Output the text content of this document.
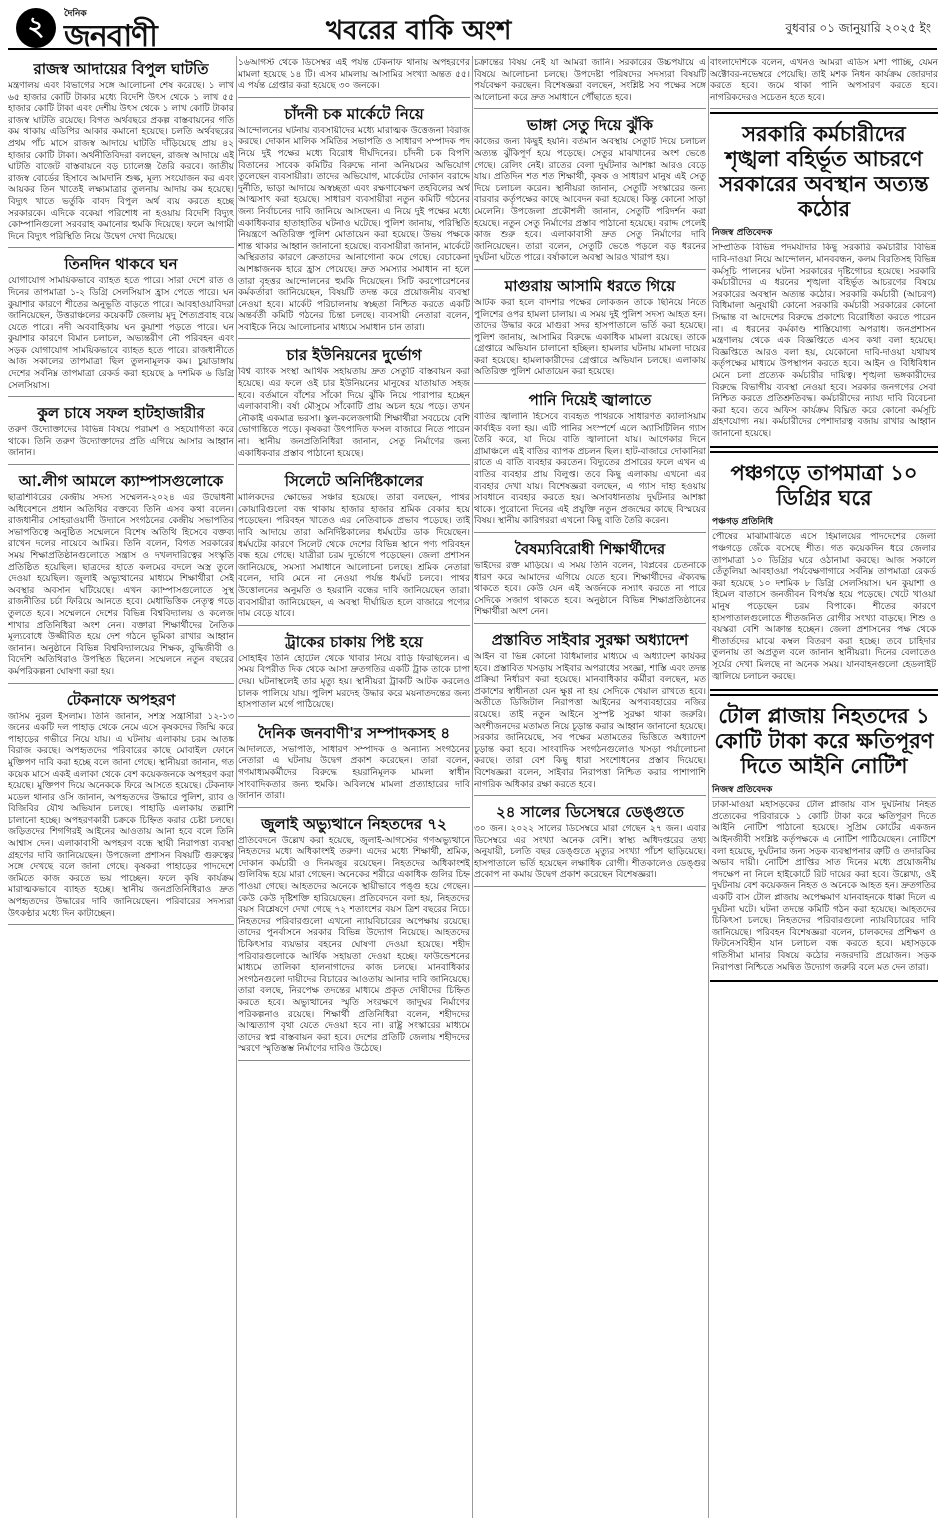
২	দৈনিক
জনবাণী	খবরের বাকি অংশ	বুধবার ০১ জানুয়ারি ২০২৫ ইং
রাজস্ব আদায়ের বিপুল ঘাটতি
মন্ত্রণালয় এবং বিভাগের সঙ্গে আলোচনা শেষ করেছে। ১ লাখ ৬৫ হাজার কোটি টাকার মধ্যে বিদেশি উৎস থেকে ১ লাখ ৫৫ হাজার কোটি টাকা এবং দেশীয় উৎস থেকে ১ লাখ কোটি টাকার রাজস্ব ঘাটতি রয়েছে। বিগত অর্থবছরে প্রকল্প বাস্তবায়নের গতি কম থাকায় এডিপির আকার কমানো হয়েছে। চলতি অর্থবছরের প্রথম পাঁচ মাসে রাজস্ব আদায়ে ঘাটতি দাঁড়িয়েছে প্রায় ৪২ হাজার কোটি টাকা। অর্থনীতিবিদরা বলছেন, রাজস্ব আদায়ে এই ঘাটতি বাজেট বাস্তবায়নে বড় চ্যালেঞ্জ তৈরি করবে। জাতীয় রাজস্ব বোর্ডের হিসাবে আমদানি শুল্ক, মূল্য সংযোজন কর এবং আয়কর তিন খাতেই লক্ষ্যমাত্রার তুলনায় আদায় কম হয়েছে। বিদ্যুৎ খাতে ভর্তুকি বাবদ বিপুল অর্থ ব্যয় করতে হচ্ছে সরকারকে। এদিকে বকেয়া পরিশোধ না হওয়ায় বিদেশি বিদ্যুৎ কোম্পানিগুলো সরবরাহ কমানোর হুমকি দিয়েছে। ফলে আগামী দিনে বিদ্যুৎ পরিস্থিতি নিয়ে উদ্বেগ দেখা দিয়েছে।
তিনদিন থাকবে ঘন
যোগাযোগ সাময়িকভাবে ব্যাহত হতে পারে। সারা দেশে রাত ও দিনের তাপমাত্রা ১-২ ডিগ্রি সেলসিয়াস হ্রাস পেতে পারে। ঘন কুয়াশার কারণে শীতের অনুভূতি বাড়তে পারে। আবহাওয়াবিদরা জানিয়েছেন, উত্তরাঞ্চলের কয়েকটি জেলায় মৃদু শৈত্যপ্রবাহ বয়ে যেতে পারে। নদী অববাহিকায় ঘন কুয়াশা পড়তে পারে। ঘন কুয়াশার কারণে বিমান চলাচল, অভ্যন্তরীণ নৌ পরিবহন এবং সড়ক যোগাযোগ সাময়িকভাবে ব্যাহত হতে পারে। রাজধানীতে আজ সকালের তাপমাত্রা ছিল তুলনামূলক কম। চুয়াডাঙ্গায় দেশের সর্বনিম্ন তাপমাত্রা রেকর্ড করা হয়েছে ৯ দশমিক ৬ ডিগ্রি সেলসিয়াস।
কুল চাষে সফল হাটহাজারীর
তরুণ উদ্যোক্তাদের বিভিন্ন বিষয়ে পরামর্শ ও সহযোগিতা করে থাকে। তিনি তরুণ উদ্যোক্তাদের প্রতি এগিয়ে আসার আহ্বান জানান।
আ.লীগ আমলে ক্যাম্পাসগুলোকে
ছাত্রশিবিরের কেন্দ্রীয় সদস্য সম্মেলন-২০২৪ এর উদ্বোধনী অধিবেশনে প্রধান অতিথির বক্তব্যে তিনি এসব কথা বলেন। রাজধানীর সোহরাওয়ার্দী উদ্যানে সংগঠনের কেন্দ্রীয় সভাপতির সভাপতিত্বে অনুষ্ঠিত সম্মেলনে বিশেষ অতিথি হিসেবে বক্তব্য রাখেন দলের নায়েবে আমির। তিনি বলেন, বিগত সরকারের সময় শিক্ষাপ্রতিষ্ঠানগুলোতে সন্ত্রাস ও দখলদারিত্বের সংস্কৃতি প্রতিষ্ঠিত হয়েছিল। ছাত্রদের হাতে কলমের বদলে অস্ত্র তুলে দেওয়া হয়েছিল। জুলাই অভ্যুত্থানের মাধ্যমে শিক্ষার্থীরা সেই অবস্থার অবসান ঘটিয়েছে। এখন ক্যাম্পাসগুলোতে সুস্থ রাজনীতির চর্চা ফিরিয়ে আনতে হবে। মেধাভিত্তিক নেতৃত্ব গড়ে তুলতে হবে। সম্মেলনে দেশের বিভিন্ন বিশ্ববিদ্যালয় ও কলেজ শাখার প্রতিনিধিরা অংশ নেন। বক্তারা শিক্ষার্থীদের নৈতিক মূল্যবোধে উজ্জীবিত হয়ে দেশ গঠনে ভূমিকা রাখার আহ্বান জানান। অনুষ্ঠানে বিভিন্ন বিশ্ববিদ্যালয়ের শিক্ষক, বুদ্ধিজীবী ও বিদেশি অতিথিরাও উপস্থিত ছিলেন। সম্মেলনে নতুন বছরের কর্মপরিকল্পনা ঘোষণা করা হয়।
টেকনাফে অপহরণ
জসিম নুরল ইসলাম। তিনি জানান, সশস্ত্র সন্ত্রাসীরা ১২-১৩ জনের একটি দল পাহাড় থেকে নেমে এসে কৃষকদের জিম্মি করে পাহাড়ের গভীরে নিয়ে যায়। এ ঘটনায় এলাকায় চরম আতঙ্ক বিরাজ করছে। অপহৃতদের পরিবারের কাছে মোবাইল ফোনে মুক্তিপণ দাবি করা হচ্ছে বলে জানা গেছে। স্থানীয়রা জানান, গত কয়েক মাসে একই এলাকা থেকে বেশ কয়েকজনকে অপহরণ করা হয়েছে। মুক্তিপণ দিয়ে অনেককে ফিরে আসতে হয়েছে। টেকনাফ মডেল থানার ওসি জানান, অপহৃতদের উদ্ধারে পুলিশ, র‌্যাব ও বিজিবির যৌথ অভিযান চলছে। পাহাড়ি এলাকায় তল্লাশি চালানো হচ্ছে। অপহরণকারী চক্রকে চিহ্নিত করার চেষ্টা চলছে। জড়িতদের শিগগিরই আইনের আওতায় আনা হবে বলে তিনি আশ্বাস দেন। এলাকাবাসী অপহরণ বন্ধে স্থায়ী নিরাপত্তা ব্যবস্থা গ্রহণের দাবি জানিয়েছেন। উপজেলা প্রশাসন বিষয়টি গুরুত্বের সঙ্গে দেখছে বলে জানা গেছে। কৃষকরা পাহাড়ের পাদদেশে জমিতে কাজ করতে ভয় পাচ্ছেন। ফলে কৃষি কার্যক্রম মারাত্মকভাবে ব্যাহত হচ্ছে। স্থানীয় জনপ্রতিনিধিরাও দ্রুত অপহৃতদের উদ্ধারের দাবি জানিয়েছেন। পরিবারের সদস্যরা উৎকণ্ঠার মধ্যে দিন কাটাচ্ছেন।
১৬আগস্ট থেকে ডিসেম্বর এই পর্যন্ত টেকনাফ থানায় অপহরণের মামলা হয়েছে ১৪ টি। এসব মামলায় আসামির সংখ্যা অন্তত ৫৫। এ পর্যন্ত গ্রেপ্তার করা হয়েছে ৩০ জনকে।
চাঁদনী চক মার্কেটে নিয়ে
আন্দোলনের ঘটনায় ব্যবসায়ীদের মধ্যে মারাত্মক উত্তেজনা বিরাজ করছে। দোকান মালিক সমিতির সভাপতি ও সাধারণ সম্পাদক পদ নিয়ে দুই পক্ষের মধ্যে বিরোধ দীর্ঘদিনের। চাঁদনী চক বিপণি বিতানের সাবেক কমিটির বিরুদ্ধে নানা অনিয়মের অভিযোগ তুলেছেন ব্যবসায়ীরা। তাদের অভিযোগ, মার্কেটের দোকান বরাদ্দে দুর্নীতি, ভাড়া আদায়ে অস্বচ্ছতা এবং রক্ষণাবেক্ষণ তহবিলের অর্থ আত্মসাৎ করা হয়েছে। সাধারণ ব্যবসায়ীরা নতুন কমিটি গঠনের জন্য নির্বাচনের দাবি জানিয়ে আসছেন। এ নিয়ে দুই পক্ষের মধ্যে একাধিকবার হাতাহাতির ঘটনাও ঘটেছে। পুলিশ জানায়, পরিস্থিতি নিয়ন্ত্রণে অতিরিক্ত পুলিশ মোতায়েন করা হয়েছে। উভয় পক্ষকে শান্ত থাকার আহ্বান জানানো হয়েছে। ব্যবসায়ীরা জানান, মার্কেটে অস্থিরতার কারণে ক্রেতাদের আনাগোনা কমে গেছে। বেচাকেনা আশঙ্কাজনক হারে হ্রাস পেয়েছে। দ্রুত সমস্যার সমাধান না হলে তারা বৃহত্তর আন্দোলনের হুমকি দিয়েছেন। সিটি করপোরেশনের কর্মকর্তারা জানিয়েছেন, বিষয়টি তদন্ত করে প্রয়োজনীয় ব্যবস্থা নেওয়া হবে। মার্কেট পরিচালনায় স্বচ্ছতা নিশ্চিত করতে একটি অন্তর্বর্তী কমিটি গঠনের চিন্তা চলছে। ব্যবসায়ী নেতারা বলেন, সবাইকে নিয়ে আলোচনার মাধ্যমে সমাধান চান তারা।
চার ইউনিয়নের দুর্ভোগ
বিশ্ব ব্যাংক সংস্থা আর্থিক সহায়তায় দ্রুত সেতুটি বাস্তবায়ন করা হয়েছে। এর ফলে ওই চার ইউনিয়নের মানুষের যাতায়াত সহজ হবে। বর্তমানে বাঁশের সাঁকো দিয়ে ঝুঁকি নিয়ে পারাপার হচ্ছেন এলাকাবাসী। বর্ষা মৌসুমে সাঁকোটি প্রায় অচল হয়ে পড়ে। তখন নৌকাই একমাত্র ভরসা। স্কুল-কলেজগামী শিক্ষার্থীরা সবচেয়ে বেশি ভোগান্তিতে পড়ে। কৃষকরা উৎপাদিত ফসল বাজারে নিতে পারেন না। স্থানীয় জনপ্রতিনিধিরা জানান, সেতু নির্মাণের জন্য একাধিকবার প্রস্তাব পাঠানো হয়েছে।
সিলেটে অনির্দিষ্টকালের
মালিকদের ক্ষোভের সঞ্চার হয়েছে। তারা বলছেন, পাথর কোয়ারিগুলো বন্ধ থাকায় হাজার হাজার শ্রমিক বেকার হয়ে পড়েছেন। পরিবহন খাতেও এর নেতিবাচক প্রভাব পড়েছে। তাই দাবি আদায়ে তারা অনির্দিষ্টকালের ধর্মঘটের ডাক দিয়েছেন। ধর্মঘটের কারণে সিলেট থেকে দেশের বিভিন্ন স্থানে পণ্য পরিবহন বন্ধ হয়ে গেছে। যাত্রীরা চরম দুর্ভোগে পড়েছেন। জেলা প্রশাসন জানিয়েছে, সমস্যা সমাধানে আলোচনা চলছে। শ্রমিক নেতারা বলেন, দাবি মেনে না নেওয়া পর্যন্ত ধর্মঘট চলবে। পাথর উত্তোলনের অনুমতি ও হয়রানি বন্ধের দাবি জানিয়েছেন তারা। ব্যবসায়ীরা জানিয়েছেন, এ অবস্থা দীর্ঘায়িত হলে বাজারে পণ্যের দাম বেড়ে যাবে।
ট্রাকের চাকায় পিষ্ট হয়ে
সোহাইব তিনি হোটেল থেকে খাবার নিয়ে বাড়ি ফিরছিলেন। এ সময় বিপরীত দিক থেকে আসা দ্রুতগতির একটি ট্রাক তাকে চাপা দেয়। ঘটনাস্থলেই তার মৃত্যু হয়। স্থানীয়রা ট্রাকটি আটক করলেও চালক পালিয়ে যায়। পুলিশ মরদেহ উদ্ধার করে ময়নাতদন্তের জন্য হাসপাতাল মর্গে পাঠিয়েছে।
দৈনিক জনবাণী'র সম্পাদকসহ ৪
আদালতে, সভাপতি, সাধারণ সম্পাদক ও অন্যান্য সংগঠনের নেতারা এ ঘটনায় উদ্বেগ প্রকাশ করেছেন। তারা বলেন, গণমাধ্যমকর্মীদের বিরুদ্ধে হয়রানিমূলক মামলা স্বাধীন সাংবাদিকতার জন্য হুমকি। অবিলম্বে মামলা প্রত্যাহারের দাবি জানান তারা।
জুলাই অভ্যুত্থানে নিহতদের ৭২
প্রতিবেদনে উল্লেখ করা হয়েছে, জুলাই-আগস্টের গণঅভ্যুত্থানে নিহতদের মধ্যে অধিকাংশই তরুণ। এদের মধ্যে শিক্ষার্থী, শ্রমিক, দোকান কর্মচারী ও দিনমজুর রয়েছেন। নিহতদের অধিকাংশই গুলিবিদ্ধ হয়ে মারা গেছেন। অনেকের শরীরে একাধিক গুলির চিহ্ন পাওয়া গেছে। আহতদের অনেকে স্থায়ীভাবে পঙ্গু হয়ে গেছেন। কেউ কেউ দৃষ্টিশক্তি হারিয়েছেন। প্রতিবেদনে বলা হয়, নিহতদের বয়স বিশ্লেষণে দেখা গেছে ৭২ শতাংশের বয়স ত্রিশ বছরের নিচে। নিহতদের পরিবারগুলো এখনো ন্যায়বিচারের অপেক্ষায় রয়েছে। তাদের পুনর্বাসনে সরকার বিভিন্ন উদ্যোগ নিয়েছে। আহতদের চিকিৎসার ব্যয়ভার বহনের ঘোষণা দেওয়া হয়েছে। শহীদ পরিবারগুলোকে আর্থিক সহায়তা দেওয়া হচ্ছে। ফাউন্ডেশনের মাধ্যমে তালিকা হালনাগাদের কাজ চলছে। মানবাধিকার সংগঠনগুলো দায়ীদের বিচারের আওতায় আনার দাবি জানিয়েছে। তারা বলছে, নিরপেক্ষ তদন্তের মাধ্যমে প্রকৃত দোষীদের চিহ্নিত করতে হবে। অভ্যুত্থানের স্মৃতি সংরক্ষণে জাদুঘর নির্মাণের পরিকল্পনাও রয়েছে। শিক্ষার্থী প্রতিনিধিরা বলেন, শহীদদের আত্মত্যাগ বৃথা যেতে দেওয়া হবে না। রাষ্ট্র সংস্কারের মাধ্যমে তাদের স্বপ্ন বাস্তবায়ন করা হবে। দেশের প্রতিটি জেলায় শহীদদের স্মরণে স্মৃতিস্তম্ভ নির্মাণের দাবিও উঠেছে।
চক্রান্তের বিষয় নেই যা আমরা জানি। সরকারের উচ্চপর্যায়ে এ বিষয়ে আলোচনা চলছে। উপদেষ্টা পরিষদের সদস্যরা বিষয়টি পর্যবেক্ষণ করছেন। বিশেষজ্ঞরা বলছেন, সংশ্লিষ্ট সব পক্ষের সঙ্গে আলোচনা করে দ্রুত সমাধানে পৌঁছাতে হবে।
ভাঙ্গা সেতু দিয়ে ঝুঁকি
কাজের জন্য কিছুই হয়নি। বর্তমান অবস্থায় সেতুটি দিয়ে চলাচল অত্যন্ত ঝুঁকিপূর্ণ হয়ে পড়েছে। সেতুর মাঝখানের অংশ ভেঙে গেছে। রেলিং নেই। রাতের বেলা দুর্ঘটনার আশঙ্কা আরও বেড়ে যায়। প্রতিদিন শত শত শিক্ষার্থী, কৃষক ও সাধারণ মানুষ এই সেতু দিয়ে চলাচল করেন। স্থানীয়রা জানান, সেতুটি সংস্কারের জন্য বারবার কর্তৃপক্ষের কাছে আবেদন করা হয়েছে। কিন্তু কোনো সাড়া মেলেনি। উপজেলা প্রকৌশলী জানান, সেতুটি পরিদর্শন করা হয়েছে। নতুন সেতু নির্মাণের প্রস্তাব পাঠানো হয়েছে। বরাদ্দ পেলেই কাজ শুরু হবে। এলাকাবাসী দ্রুত সেতু নির্মাণের দাবি জানিয়েছেন। তারা বলেন, সেতুটি ভেঙে পড়লে বড় ধরনের দুর্ঘটনা ঘটতে পারে। বর্ষাকালে অবস্থা আরও খারাপ হয়।
মাগুরায় আসামি ধরতে গিয়ে
আটক করা হলে বাদশার পক্ষের লোকজন তাকে ছিনিয়ে নিতে পুলিশের ওপর হামলা চালায়। এ সময় দুই পুলিশ সদস্য আহত হন। তাদের উদ্ধার করে মাগুরা সদর হাসপাতালে ভর্তি করা হয়েছে। পুলিশ জানায়, আসামির বিরুদ্ধে একাধিক মামলা রয়েছে। তাকে গ্রেপ্তারে অভিযান চালানো হচ্ছিল। হামলার ঘটনায় মামলা দায়ের করা হয়েছে। হামলাকারীদের গ্রেপ্তারে অভিযান চলছে। এলাকায় অতিরিক্ত পুলিশ মোতায়েন করা হয়েছে।
পানি দিয়েই জ্বালাতে
বাতির জ্বালানি হিসেবে ব্যবহৃত পাথরকে সাধারণত ক্যালসিয়াম কার্বাইড বলা হয়। এটি পানির সংস্পর্শে এলে অ্যাসিটিলিন গ্যাস তৈরি করে, যা দিয়ে বাতি জ্বালানো যায়। আগেকার দিনে গ্রামাঞ্চলে এই বাতির ব্যাপক প্রচলন ছিল। হাট-বাজারে দোকানিরা রাতে এ বাতি ব্যবহার করতেন। বিদ্যুতের প্রসারের ফলে এখন এ বাতির ব্যবহার প্রায় বিলুপ্ত। তবে কিছু এলাকায় এখনো এর ব্যবহার দেখা যায়। বিশেষজ্ঞরা বলছেন, এ গ্যাস দাহ্য হওয়ায় সাবধানে ব্যবহার করতে হয়। অসাবধানতায় দুর্ঘটনার আশঙ্কা থাকে। পুরোনো দিনের এই প্রযুক্তি নতুন প্রজন্মের কাছে বিস্ময়ের বিষয়। স্থানীয় কারিগররা এখনো কিছু বাতি তৈরি করেন।
বৈষম্যবিরোধী শিক্ষার্থীদের
ভাইদের রক্ত মাড়িয়ে। এ সময় তিনি বলেন, বিপ্লবের চেতনাকে ধারণ করে আমাদের এগিয়ে যেতে হবে। শিক্ষার্থীদের ঐক্যবদ্ধ থাকতে হবে। কেউ যেন এই অর্জনকে নস্যাৎ করতে না পারে সেদিকে সজাগ থাকতে হবে। অনুষ্ঠানে বিভিন্ন শিক্ষাপ্রতিষ্ঠানের শিক্ষার্থীরা অংশ নেন।
প্রস্তাবিত সাইবার সুরক্ষা অধ্যাদেশ
আইন বা ভিন্ন কোনো বিধিমালার মাধ্যমে এ অধ্যাদেশ কার্যকর হবে। প্রস্তাবিত খসড়ায় সাইবার অপরাধের সংজ্ঞা, শাস্তি এবং তদন্ত প্রক্রিয়া নির্ধারণ করা হয়েছে। মানবাধিকার কর্মীরা বলছেন, মত প্রকাশের স্বাধীনতা যেন ক্ষুণ্ণ না হয় সেদিকে খেয়াল রাখতে হবে। অতীতে ডিজিটাল নিরাপত্তা আইনের অপব্যবহারের নজির রয়েছে। তাই নতুন আইনে সুস্পষ্ট সুরক্ষা থাকা জরুরি। অংশীজনদের মতামত নিয়ে চূড়ান্ত করার আহ্বান জানানো হয়েছে। সরকার জানিয়েছে, সব পক্ষের মতামতের ভিত্তিতে অধ্যাদেশ চূড়ান্ত করা হবে। সাংবাদিক সংগঠনগুলোও খসড়া পর্যালোচনা করছে। তারা বেশ কিছু ধারা সংশোধনের প্রস্তাব দিয়েছে। বিশেষজ্ঞরা বলেন, সাইবার নিরাপত্তা নিশ্চিত করার পাশাপাশি নাগরিক অধিকার রক্ষা করতে হবে।
২৪ সালের ডিসেম্বরে ডেঙ্গুতে
৩০ জন। ২০২২ সালের ডিসেম্বরে মারা গেছেন ২৭ জন। এবার ডিসেম্বরে এর সংখ্যা অনেক বেশি। স্বাস্থ্য অধিদপ্তরের তথ্য অনুযায়ী, চলতি বছর ডেঙ্গুতে মৃত্যুর সংখ্যা পাঁচশ ছাড়িয়েছে। হাসপাতালে ভর্তি হয়েছেন লক্ষাধিক রোগী। শীতকালেও ডেঙ্গুর প্রকোপ না কমায় উদ্বেগ প্রকাশ করেছেন বিশেষজ্ঞরা।
বাংলাদেশিকে বলেন, এখনও আমরা এডিস মশা পাচ্ছি, যেমন অক্টোবর-নভেম্বরে পেয়েছি। তাই মশক নিধন কার্যক্রম জোরদার করতে হবে। জমে থাকা পানি অপসারণ করতে হবে। নাগরিকদেরও সচেতন হতে হবে।
সরকারি কর্মচারীদের শৃঙ্খলা বহির্ভূত আচরণে সরকারের অবস্থান অত্যন্ত কঠোর
নিজস্ব প্রতিবেদক
সাম্প্রতিক বিভিন্ন পদমর্যাদার কিছু সরকারি কর্মচারীর বিভিন্ন দাবি-দাওয়া নিয়ে আন্দোলন, মানববন্ধন, কলম বিরতিসহ বিভিন্ন কর্মসূচি পালনের ঘটনা সরকারের দৃষ্টিগোচর হয়েছে। সরকারি কর্মচারীদের এ ধরনের শৃঙ্খলা বহির্ভূত আচরণের বিষয়ে সরকারের অবস্থান অত্যন্ত কঠোর। সরকারি কর্মচারী (আচরণ) বিধিমালা অনুযায়ী কোনো সরকারি কর্মচারী সরকারের কোনো সিদ্ধান্ত বা আদেশের বিরুদ্ধে প্রকাশ্যে বিরোধিতা করতে পারেন না। এ ধরনের কর্মকাণ্ড শাস্তিযোগ্য অপরাধ। জনপ্রশাসন মন্ত্রণালয় থেকে এক বিজ্ঞপ্তিতে এসব কথা বলা হয়েছে। বিজ্ঞপ্তিতে আরও বলা হয়, যেকোনো দাবি-দাওয়া যথাযথ কর্তৃপক্ষের মাধ্যমে উপস্থাপন করতে হবে। আইন ও বিধিবিধান মেনে চলা প্রত্যেক কর্মচারীর দায়িত্ব। শৃঙ্খলা ভঙ্গকারীদের বিরুদ্ধে বিভাগীয় ব্যবস্থা নেওয়া হবে। সরকার জনগণের সেবা নিশ্চিত করতে প্রতিশ্রুতিবদ্ধ। কর্মচারীদের ন্যায্য দাবি বিবেচনা করা হবে। তবে অফিস কার্যক্রম বিঘ্নিত করে কোনো কর্মসূচি গ্রহণযোগ্য নয়। কর্মচারীদের পেশাদারত্ব বজায় রাখার আহ্বান জানানো হয়েছে।
পঞ্চগড়ে তাপমাত্রা ১০ ডিগ্রির ঘরে
পঞ্চগড় প্রতিনিধি
পৌষের মাঝামাঝিতে এসে হিমালয়ের পাদদেশের জেলা পঞ্চগড়ে জেঁকে বসেছে শীত। গত কয়েকদিন ধরে জেলার তাপমাত্রা ১০ ডিগ্রির ঘরে ওঠানামা করছে। আজ সকালে তেঁতুলিয়া আবহাওয়া পর্যবেক্ষণাগারে সর্বনিম্ন তাপমাত্রা রেকর্ড করা হয়েছে ১০ দশমিক ৮ ডিগ্রি সেলসিয়াস। ঘন কুয়াশা ও হিমেল বাতাসে জনজীবন বিপর্যস্ত হয়ে পড়েছে। খেটে খাওয়া মানুষ পড়েছেন চরম বিপাকে। শীতের কারণে হাসপাতালগুলোতে শীতজনিত রোগীর সংখ্যা বাড়ছে। শিশু ও বয়স্করা বেশি আক্রান্ত হচ্ছেন। জেলা প্রশাসনের পক্ষ থেকে শীতার্তদের মাঝে কম্বল বিতরণ করা হচ্ছে। তবে চাহিদার তুলনায় তা অপ্রতুল বলে জানান স্থানীয়রা। দিনের বেলাতেও সূর্যের দেখা মিলছে না অনেক সময়। যানবাহনগুলো হেডলাইট জ্বালিয়ে চলাচল করছে।
টোল প্লাজায় নিহতদের ১ কোটি টাকা করে ক্ষতিপূরণ দিতে আইনি নোটিশ
নিজস্ব প্রতিবেদক
ঢাকা-মাওয়া মহাসড়কের টোল প্লাজায় বাস দুর্ঘটনায় নিহত প্রত্যেকের পরিবারকে ১ কোটি টাকা করে ক্ষতিপূরণ দিতে আইনি নোটিশ পাঠানো হয়েছে। সুপ্রিম কোর্টের একজন আইনজীবী সংশ্লিষ্ট কর্তৃপক্ষকে এ নোটিশ পাঠিয়েছেন। নোটিশে বলা হয়েছে, দুর্ঘটনার জন্য সড়ক ব্যবস্থাপনার ত্রুটি ও তদারকির অভাব দায়ী। নোটিশ প্রাপ্তির সাত দিনের মধ্যে প্রয়োজনীয় পদক্ষেপ না নিলে হাইকোর্টে রিট দায়ের করা হবে। উল্লেখ্য, ওই দুর্ঘটনায় বেশ কয়েকজন নিহত ও অনেকে আহত হন। দ্রুতগতির একটি বাস টোল প্লাজায় অপেক্ষমাণ যানবাহনকে ধাক্কা দিলে এ দুর্ঘটনা ঘটে। ঘটনা তদন্তে কমিটি গঠন করা হয়েছে। আহতদের চিকিৎসা চলছে। নিহতদের পরিবারগুলো ন্যায়বিচারের দাবি জানিয়েছে। পরিবহন বিশেষজ্ঞরা বলেন, চালকদের প্রশিক্ষণ ও ফিটনেসবিহীন যান চলাচল বন্ধ করতে হবে। মহাসড়কে গতিসীমা মানার বিষয়ে কঠোর নজরদারি প্রয়োজন। সড়ক নিরাপত্তা নিশ্চিতে সমন্বিত উদ্যোগ জরুরি বলে মত দেন তারা।
